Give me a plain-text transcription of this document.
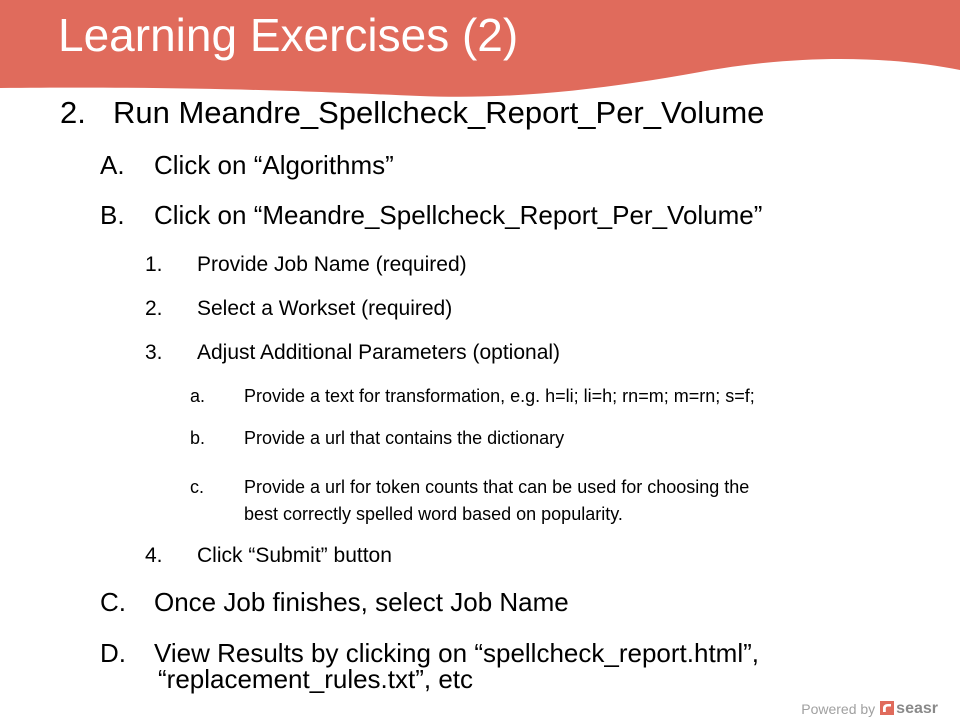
Learning Exercises (2)
2. Run Meandre_Spellcheck_Report_Per_Volume
A. Click on “Algorithms”
B. Click on “Meandre_Spellcheck_Report_Per_Volume”
1. Provide Job Name (required)
2. Select a Workset (required)
3. Adjust Additional Parameters (optional)
a. Provide a text for transformation, e.g. h=li; li=h; rn=m; m=rn; s=f;
b. Provide a url that contains the dictionary
c. Provide a url for token counts that can be used for choosing the
best correctly spelled word based on popularity.
4. Click “Submit” button
C. Once Job finishes, select Job Name
D. View Results by clicking on “spellcheck_report.html”,
“replacement_rules.txt”, etc
Powered by seasr
